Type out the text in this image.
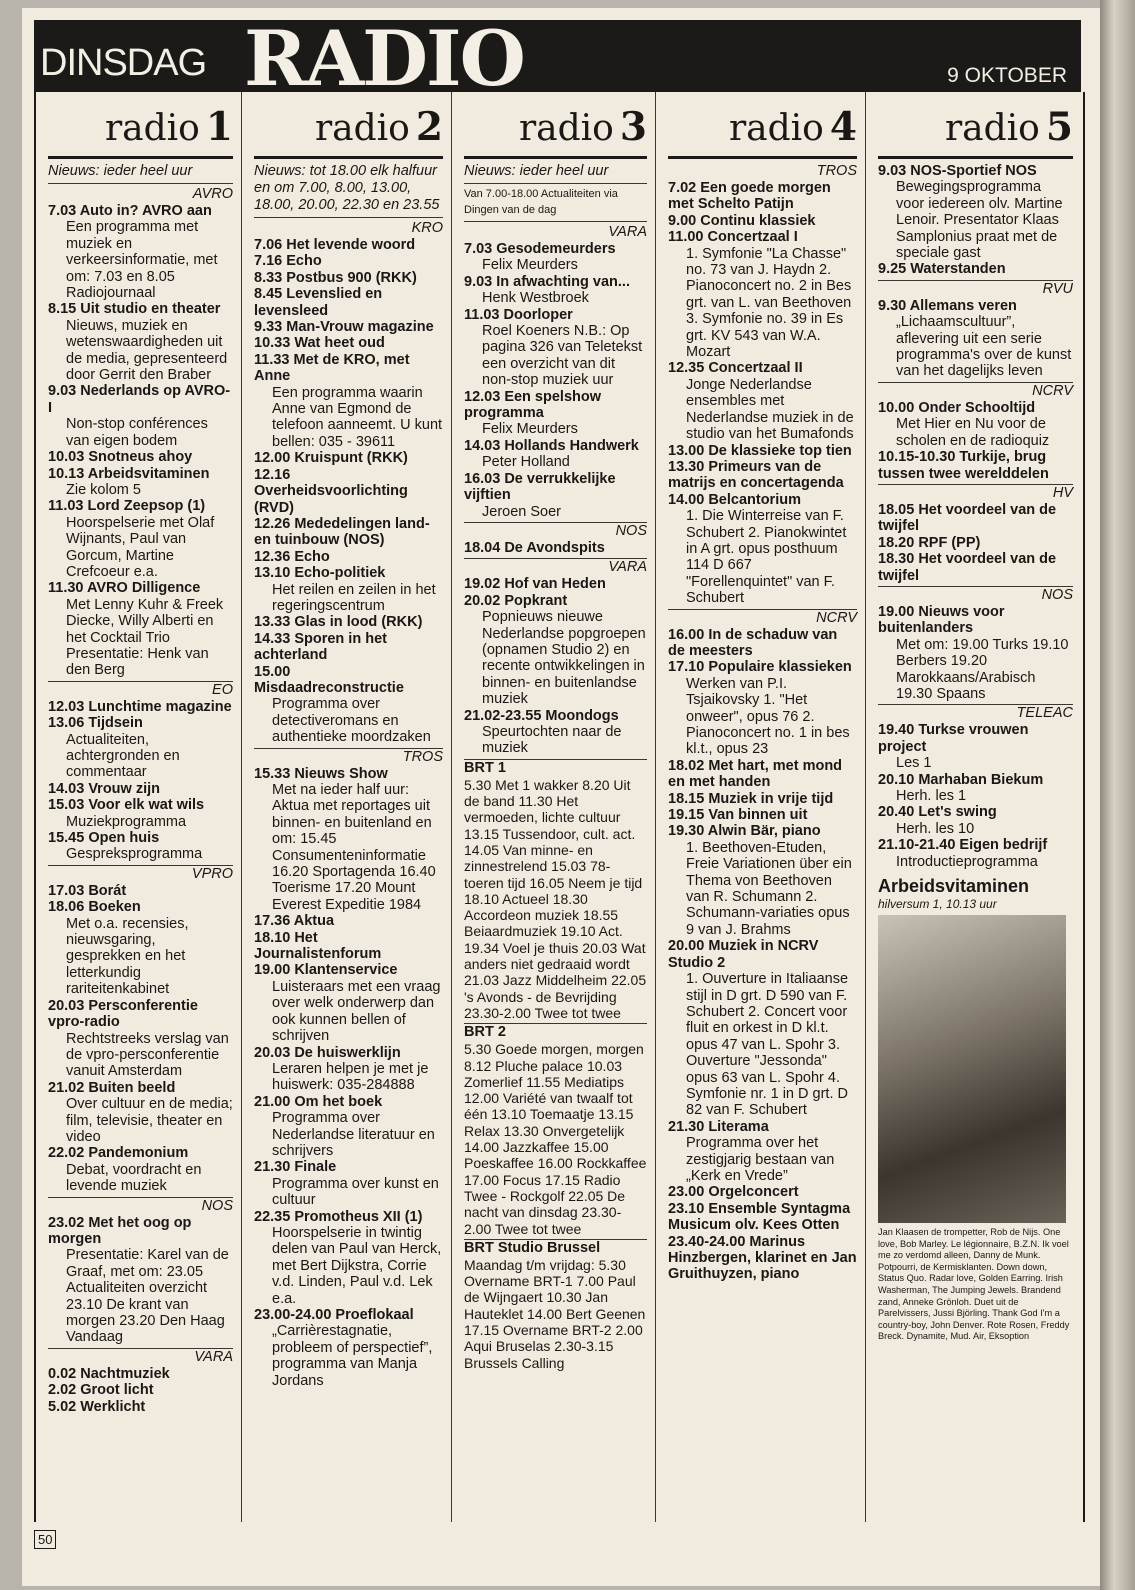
DINSDAG RADIO	9 OKTOBER
radio 1
Nieuws: ieder heel uur
AVRO
7.03 Auto in? AVRO aan
Een programma met muziek en verkeersinformatie, met om: 7.03 en 8.05 Radiojournaal
8.15 Uit studio en theater
Nieuws, muziek en wetenswaardigheden uit de media, gepresenteerd door Gerrit den Braber
9.03 Nederlands op AVRO-I
Non-stop conférences van eigen bodem
10.03 Snotneus ahoy
10.13 Arbeidsvitaminen
Zie kolom 5
11.03 Lord Zeepsop (1)
Hoorspelserie met Olaf Wijnants, Paul van Gorcum, Martine Crefcoeur e.a.
11.30 AVRO Dilligence
Met Lenny Kuhr & Freek Diecke, Willy Alberti en het Cocktail Trio Presentatie: Henk van den Berg
EO
12.03 Lunchtime magazine
13.06 Tijdsein
Actualiteiten, achtergronden en commentaar
14.03 Vrouw zijn
15.03 Voor elk wat wils
Muziekprogramma
15.45 Open huis
Gespreksprogramma
VPRO
17.03 Borát
18.06 Boeken
Met o.a. recensies, nieuwsgaring, gesprekken en het letterkundig rariteitenkabinet
20.03 Persconferentie vpro-radio
Rechtstreeks verslag van de vpro-persconferentie vanuit Amsterdam
21.02 Buiten beeld
Over cultuur en de media; film, televisie, theater en video
22.02 Pandemonium
Debat, voordracht en levende muziek
NOS
23.02 Met het oog op morgen
Presentatie: Karel van de Graaf, met om: 23.05 Actualiteiten overzicht 23.10 De krant van morgen 23.20 Den Haag Vandaag
VARA
0.02 Nachtmuziek
2.02 Groot licht
5.02 Werklicht
radio 2
Nieuws: tot 18.00 elk halfuur en om 7.00, 8.00, 13.00, 18.00, 20.00, 22.30 en 23.55
KRO
7.06 Het levende woord
7.16 Echo
8.33 Postbus 900 (RKK)
8.45 Levenslied en levensleed
9.33 Man-Vrouw magazine
10.33 Wat heet oud
11.33 Met de KRO, met Anne
Een programma waarin Anne van Egmond de telefoon aanneemt. U kunt bellen: 035 - 39611
12.00 Kruispunt (RKK)
12.16 Overheidsvoorlichting (RVD)
12.26 Mededelingen land- en tuinbouw (NOS)
12.36 Echo
13.10 Echo-politiek
Het reilen en zeilen in het regeringscentrum
13.33 Glas in lood (RKK)
14.33 Sporen in het achterland
15.00 Misdaadreconstructie
Programma over detectiveromans en authentieke moordzaken
TROS
15.33 Nieuws Show
Met na ieder half uur: Aktua met reportages uit binnen- en buitenland en om: 15.45 Consumenteninformatie 16.20 Sportagenda 16.40 Toerisme 17.20 Mount Everest Expeditie 1984
17.36 Aktua
18.10 Het Journalistenforum
19.00 Klantenservice
Luisteraars met een vraag over welk onderwerp dan ook kunnen bellen of schrijven
20.03 De huiswerklijn
Leraren helpen je met je huiswerk: 035-284888
21.00 Om het boek
Programma over Nederlandse literatuur en schrijvers
21.30 Finale
Programma over kunst en cultuur
22.35 Promotheus XII (1)
Hoorspelserie in twintig delen van Paul van Herck, met Bert Dijkstra, Corrie v.d. Linden, Paul v.d. Lek e.a.
23.00-24.00 Proeflokaal
„Carrièrestagnatie, probleem of perspectief”, programma van Manja Jordans
radio 3
Nieuws: ieder heel uur
Van 7.00-18.00 Actualiteiten via Dingen van de dag
VARA
7.03 Gesodemeurders
Felix Meurders
9.03 In afwachting van...
Henk Westbroek
11.03 Doorloper
Roel Koeners N.B.: Op pagina 326 van Teletekst een overzicht van dit non-stop muziek uur
12.03 Een spelshow programma
Felix Meurders
14.03 Hollands Handwerk
Peter Holland
16.03 De verrukkelijke vijftien
Jeroen Soer
NOS
18.04 De Avondspits
VARA
19.02 Hof van Heden
20.02 Popkrant
Popnieuws nieuwe Nederlandse popgroepen (opnamen Studio 2) en recente ontwikkelingen in binnen- en buitenlandse muziek
21.02-23.55 Moondogs
Speurtochten naar de muziek
BRT 1
5.30 Met 1 wakker 8.20 Uit de band 11.30 Het vermoeden, lichte cultuur 13.15 Tussendoor, cult. act. 14.05 Van minne- en zinnestrelend 15.03 78-toeren tijd 16.05 Neem je tijd 18.10 Actueel 18.30 Accordeon muziek 18.55 Beiaardmuziek 19.10 Act. 19.34 Voel je thuis 20.03 Wat anders niet gedraaid wordt 21.03 Jazz Middelheim 22.05 's Avonds - de Bevrijding 23.30-2.00 Twee tot twee
BRT 2
5.30 Goede morgen, morgen 8.12 Pluche palace 10.03 Zomerlief 11.55 Mediatips 12.00 Variété van twaalf tot één 13.10 Toemaatje 13.15 Relax 13.30 Onvergetelijk 14.00 Jazzkaffee 15.00 Poeskaffee 16.00 Rockkaffee 17.00 Focus 17.15 Radio Twee - Rockgolf 22.05 De nacht van dinsdag 23.30-2.00 Twee tot twee
BRT Studio Brussel
Maandag t/m vrijdag: 5.30 Overname BRT-1 7.00 Paul de Wijngaert 10.30 Jan Hauteklet 14.00 Bert Geenen 17.15 Overname BRT-2 2.00 Aqui Bruselas 2.30-3.15 Brussels Calling
radio 4
TROS
7.02 Een goede morgen met Schelto Patijn
9.00 Continu klassiek
11.00 Concertzaal I
1. Symfonie "La Chasse" no. 73 van J. Haydn 2. Pianoconcert no. 2 in Bes grt. van L. van Beethoven 3. Symfonie no. 39 in Es grt. KV 543 van W.A. Mozart
12.35 Concertzaal II
Jonge Nederlandse ensembles met Nederlandse muziek in de studio van het Bumafonds
13.00 De klassieke top tien
13.30 Primeurs van de matrijs en concertagenda
14.00 Belcantorium
1. Die Winterreise van F. Schubert 2. Pianokwintet in A grt. opus posthuum 114 D 667 "Forellenquintet" van F. Schubert
NCRV
16.00 In de schaduw van de meesters
17.10 Populaire klassieken
Werken van P.I. Tsjaikovsky 1. "Het onweer", opus 76 2. Pianoconcert no. 1 in bes kl.t., opus 23
18.02 Met hart, met mond en met handen
18.15 Muziek in vrije tijd
19.15 Van binnen uit
19.30 Alwin Bär, piano
1. Beethoven-Etuden, Freie Variationen über ein Thema von Beethoven van R. Schumann 2. Schumann-variaties opus 9 van J. Brahms
20.00 Muziek in NCRV Studio 2
1. Ouverture in Italiaanse stijl in D grt. D 590 van F. Schubert 2. Concert voor fluit en orkest in D kl.t. opus 47 van L. Spohr 3. Ouverture "Jessonda" opus 63 van L. Spohr 4. Symfonie nr. 1 in D grt. D 82 van F. Schubert
21.30 Literama
Programma over het zestigjarig bestaan van „Kerk en Vrede”
23.00 Orgelconcert
23.10 Ensemble Syntagma Musicum olv. Kees Otten
23.40-24.00 Marinus Hinzbergen, klarinet en Jan Gruithuyzen, piano
radio 5
9.03 NOS-Sportief NOS
Bewegingsprogramma voor iedereen olv. Martine Lenoir. Presentator Klaas Samplonius praat met de speciale gast
9.25 Waterstanden
RVU
9.30 Allemans veren
„Lichaamscultuur”, aflevering uit een serie programma's over de kunst van het dagelijks leven
NCRV
10.00 Onder Schooltijd
Met Hier en Nu voor de scholen en de radioquiz
10.15-10.30 Turkije, brug tussen twee werelddelen
HV
18.05 Het voordeel van de twijfel
18.20 RPF (PP)
18.30 Het voordeel van de twijfel
NOS
19.00 Nieuws voor buitenlanders
Met om: 19.00 Turks 19.10 Berbers 19.20 Marokkaans/Arabisch 19.30 Spaans
TELEAC
19.40 Turkse vrouwen project
Les 1
20.10 Marhaban Biekum
Herh. les 1
20.40 Let's swing
Herh. les 10
21.10-21.40 Eigen bedrijf
Introductieprogramma
Arbeidsvitaminen
hilversum 1, 10.13 uur
Jan Klaasen de trompetter, Rob de Nijs. One love, Bob Marley. Le légionnaire, B.Z.N. Ik voel me zo verdomd alleen, Danny de Munk. Potpourri, de Kermisklanten. Down down, Status Quo. Radar love, Golden Earring. Irish Washerman, The Jumping Jewels. Brandend zand, Anneke Grönloh. Duet uit de Parelvissers, Jussi Björling. Thank God I'm a country-boy, John Denver. Rote Rosen, Freddy Breck. Dynamite, Mud. Air, Eksoption
50
